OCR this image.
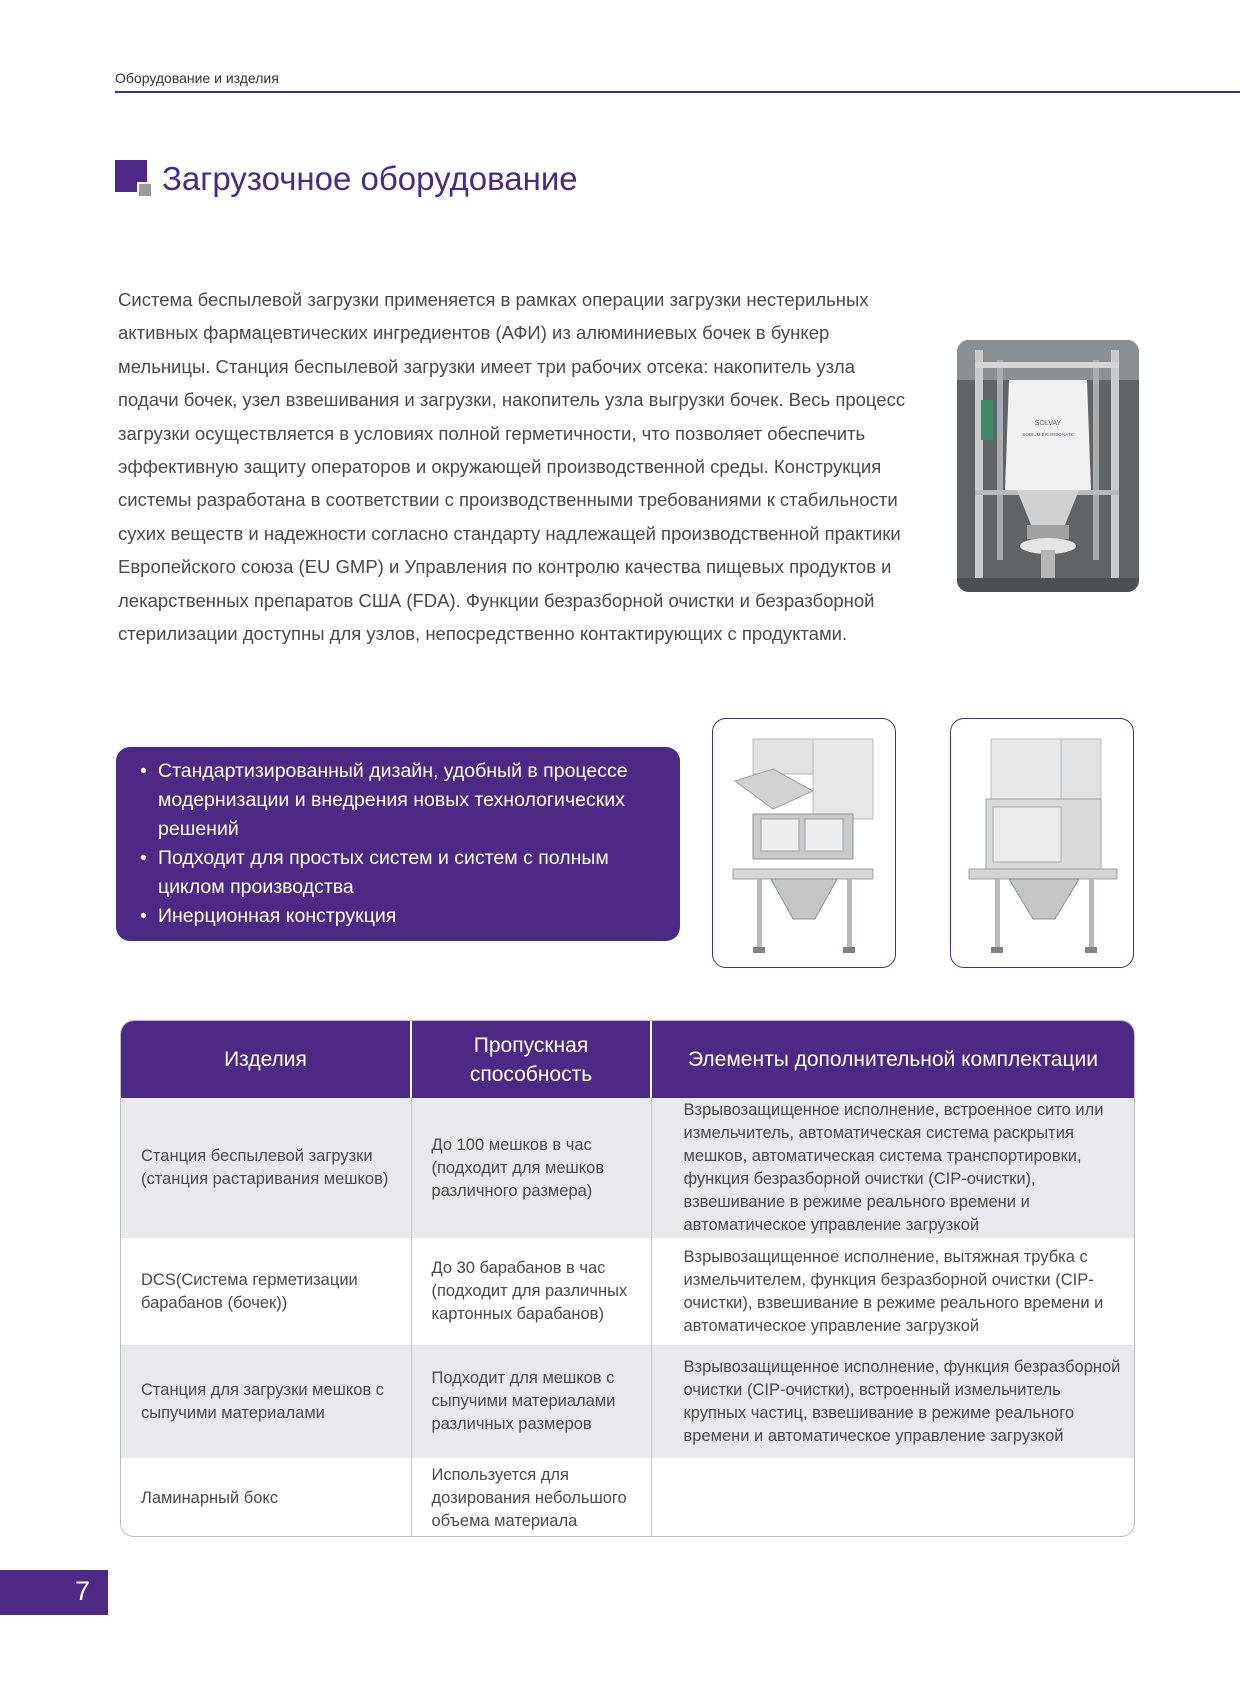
Оборудование и изделия
Загрузочное оборудование
Система беспылевой загрузки применяется в рамках операции загрузки нестерильных
активных фармацевтических ингредиентов (АФИ) из алюминиевых бочек в бункер
мельницы. Станция беспылевой загрузки имеет три рабочих отсека: накопитель узла
подачи бочек, узел взвешивания и загрузки, накопитель узла выгрузки бочек. Весь процесс
загрузки осуществляется в условиях полной герметичности, что позволяет обеспечить
эффективную защиту операторов и окружающей производственной среды. Конструкция
системы разработана в соответствии с производственными требованиями к стабильности
сухих веществ и надежности согласно стандарту надлежащей производственной практики
Европейского союза (EU GMP) и Управления по контролю качества пищевых продуктов и
лекарственных препаратов США (FDA). Функции безразборной очистки и безразборной
стерилизации доступны для узлов, непосредственно контактирующих с продуктами.
SOLVAY
SODIUM BICARBONATE
• Стандартизированный дизайн, удобный в процессе модернизации и внедрения новых технологических решений
• Подходит для простых систем и систем с полным циклом производства
• Инерционная конструкция
Изделия	Пропускная способность	Элементы дополнительной комплектации
Станция беспылевой загрузки (станция растаривания мешков)	До 100 мешков в час (подходит для мешков различного размера)	Взрывозащищенное исполнение, встроенное сито или измельчитель, автоматическая система раскрытия мешков, автоматическая система транспортировки, функция безразборной очистки (CIP-очистки), взвешивание в режиме реального времени и автоматическое управление загрузкой
DCS(Система герметизации барабанов (бочек))	До 30 барабанов в час (подходит для различных картонных барабанов)	Взрывозащищенное исполнение, вытяжная трубка с измельчителем, функция безразборной очистки (CIP-очистки), взвешивание в режиме реального времени и автоматическое управление загрузкой
Станция для загрузки мешков с сыпучими материалами	Подходит для мешков с сыпучими материалами различных размеров	Взрывозащищенное исполнение, функция безразборной очистки (CIP-очистки), встроенный измельчитель крупных частиц, взвешивание в режиме реального времени и автоматическое управление загрузкой
Ламинарный бокс	Используется для дозирования небольшого объема материала	
7
